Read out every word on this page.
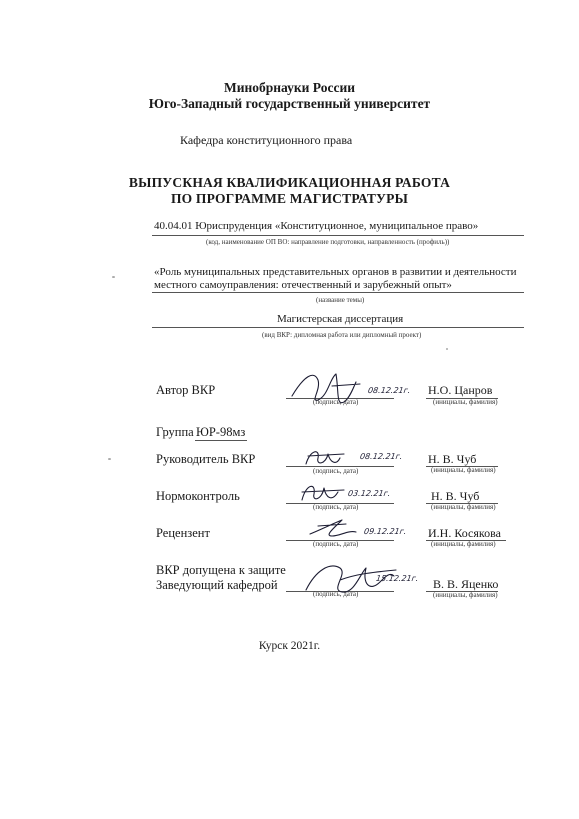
Минобрнауки России
Юго-Западный государственный университет
Кафедра конституционного права
ВЫПУСКНАЯ КВАЛИФИКАЦИОННАЯ РАБОТА
ПО ПРОГРАММЕ МАГИСТРАТУРЫ
40.04.01 Юриспруденция «Конституционное, муниципальное право»
(код, наименование ОП ВО: направление подготовки, направленность (профиль))
«Роль муниципальных представительных органов в развитии и деятельности
местного самоуправления: отечественный и зарубежный опыт»
(название темы)
Магистерская диссертация
(вид ВКР: дипломная работа или дипломный проект)
Автор ВКР	08.12.21г.
(подпись, дата)
Н.О. Цанров
(инициалы, фамилия)
Группа ЮР-98мз
Руководитель ВКР	08.12.21г.
(подпись, дата)
Н. В. Чуб
(инициалы, фамилия)
Нормоконтроль	03.12.21г.
(подпись, дата)
Н. В. Чуб
(инициалы, фамилия)
Рецензент	09.12.21г.
(подпись, дата)
И.Н. Косякова
(инициалы, фамилия)
ВКР допущена к защите
Заведующий кафедрой	15.12.21г.
(подпись, дата)
В. В. Яценко
(инициалы, фамилия)
Курск 2021г.
